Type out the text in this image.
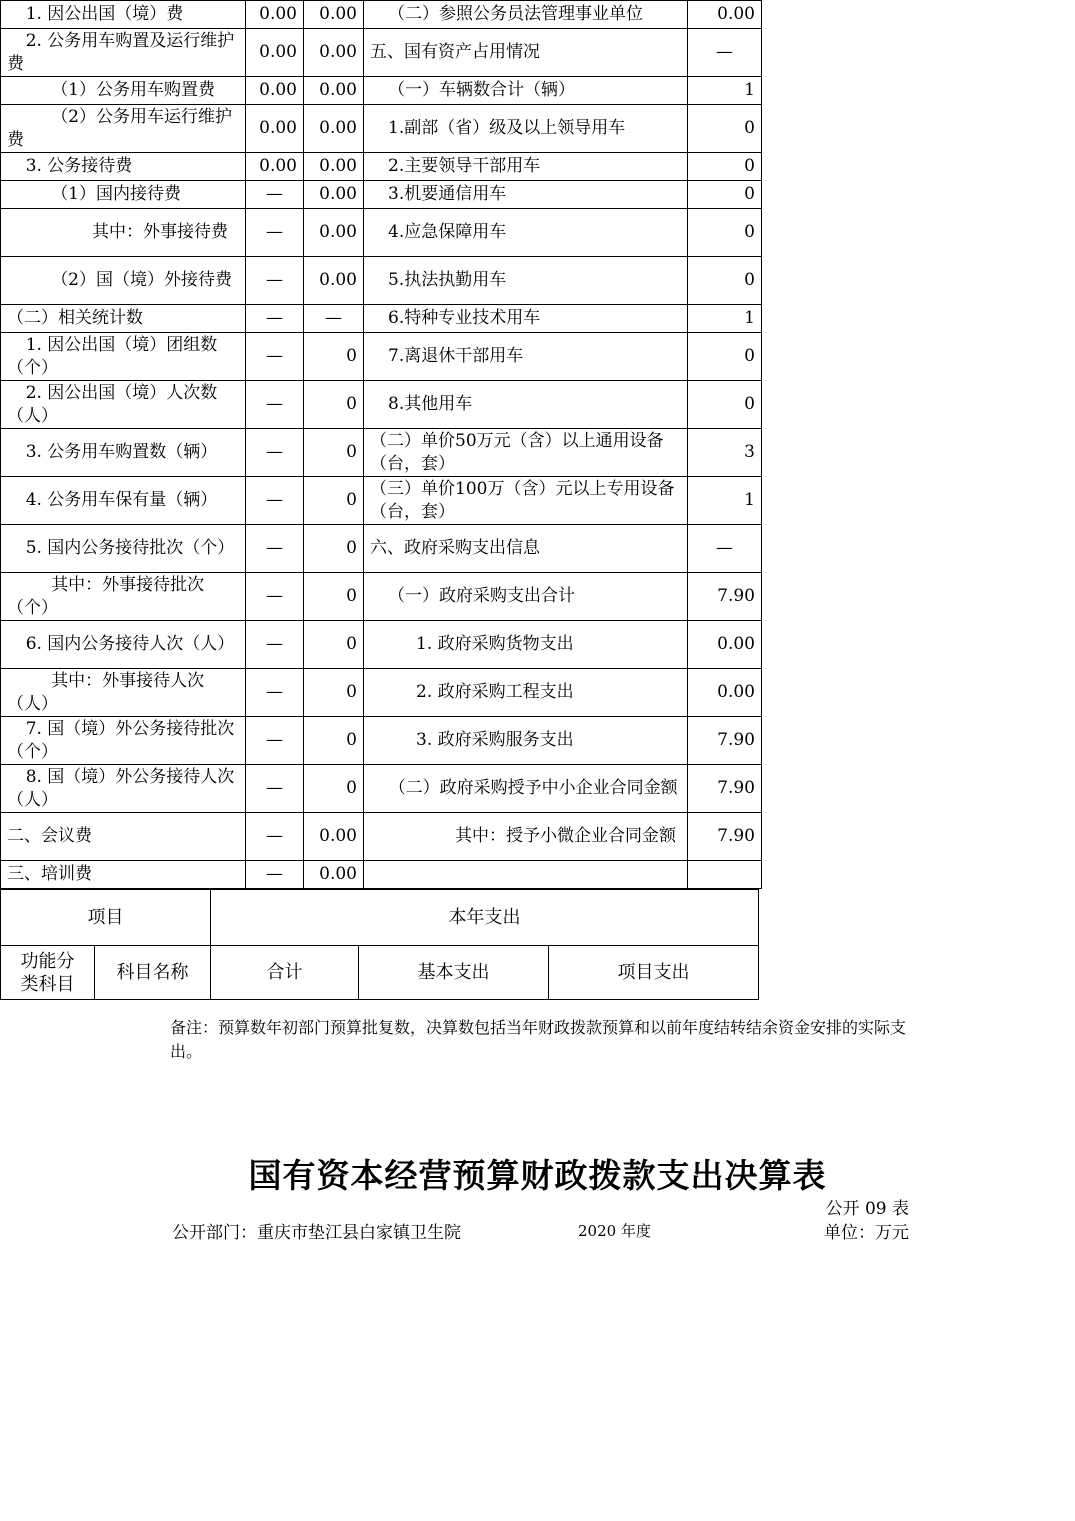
1. 因公出国（境）费	0.00	0.00	（二）参照公务员法管理事业单位	0.00
2. 公务用车购置及运行维护费	0.00	0.00	五、国有资产占用情况	—
（1）公务用车购置费	0.00	0.00	（一）车辆数合计（辆）	1
（2）公务用车运行维护费	0.00	0.00	1.副部（省）级及以上领导用车	0
3. 公务接待费	0.00	0.00	2.主要领导干部用车	0
（1）国内接待费	—	0.00	3.机要通信用车	0
其中：外事接待费	—	0.00	4.应急保障用车	0
（2）国（境）外接待费	—	0.00	5.执法执勤用车	0
（二）相关统计数	—	—	6.特种专业技术用车	1
1. 因公出国（境）团组数（个）	—	0	7.离退休干部用车	0
2. 因公出国（境）人次数（人）	—	0	8.其他用车	0
3. 公务用车购置数（辆）	—	0	（二）单价50万元（含）以上通用设备（台，套）	3
4. 公务用车保有量（辆）	—	0	（三）单价100万（含）元以上专用设备（台，套）	1
5. 国内公务接待批次（个）	—	0	六、政府采购支出信息	—
其中：外事接待批次（个）	—	0	（一）政府采购支出合计	7.90
6. 国内公务接待人次（人）	—	0	1. 政府采购货物支出	0.00
其中：外事接待人次（人）	—	0	2. 政府采购工程支出	0.00
7. 国（境）外公务接待批次（个）	—	0	3. 政府采购服务支出	7.90
8. 国（境）外公务接待人次（人）	—	0	（二）政府采购授予中小企业合同金额	7.90
二、会议费	—	0.00	其中：授予小微企业合同金额	7.90
三、培训费	—	0.00		
备注：预算数年初部门预算批复数，决算数包括当年财政拨款预算和以前年度结转结余资金安排的实际支出。
国有资本经营预算财政拨款支出决算表
公开 09 表
公开部门：重庆市垫江县白家镇卫生院	2020 年度	单位：万元
项目		本年支出		
功能分类科目	科目名称	合计	基本支出	项目支出
